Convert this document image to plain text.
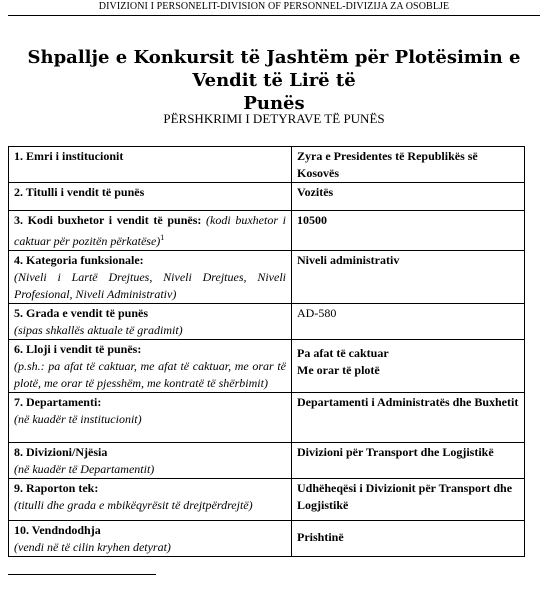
DIVIZIONI I PERSONELIT-DIVISION OF PERSONNEL-DIVIZIJA ZA OSOBLJE
Shpallje e Konkursit të Jashtëm për Plotësimin e Vendit të Lirë të
Punës
PËRSHKRIMI I DETYRAVE TË PUNËS
1. Emri i institucionit	Zyra e Presidentes të Republikës së Kosovës
2. Titulli i vendit të punës	Vozitës
3. Kodi buxhetor i vendit të punës: (kodi buxhetor i caktuar për pozitën përkatëse)$^1$	10500
4. Kategoria funksionale:
(Niveli i Lartë Drejtues, Niveli Drejtues, Niveli Profesional, Niveli Administrativ)	Niveli administrativ
5. Grada e vendit të punës
(sipas shkallës aktuale të gradimit)	AD-580
6. Lloji i vendit të punës:
(p.sh.: pa afat të caktuar, me afat të caktuar, me orar të plotë, me orar të pjesshëm, me kontratë të shërbimit)	Pa afat të caktuar
Me orar të plotë
7. Departamenti:
(në kuadër të institucionit)	Departamenti i Administratës dhe Buxhetit
8. Divizioni/Njësia
(në kuadër të Departamentit)	Divizioni për Transport dhe Logjistikë
9. Raporton tek:
(titulli dhe grada e mbikëqyrësit të drejtpërdrejtë)	Udhëheqësi i Divizionit për Transport dhe Logjistikë
10. Vendndodhja
(vendi në të cilin kryhen detyrat)	Prishtinë
